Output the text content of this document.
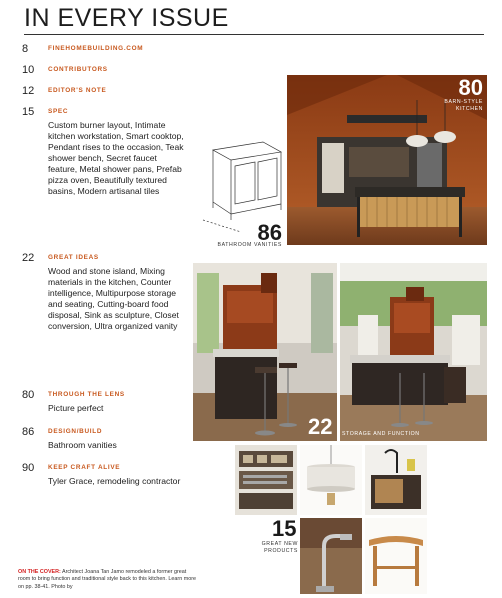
IN EVERY ISSUE
8	FINEHOMEBUILDING.COM
10	CONTRIBUTORS
12	EDITOR'S NOTE
15	SPEC
Custom burner layout, Intimate kitchen workstation, Smart cooktop, Pendant rises to the occasion, Teak shower bench, Secret faucet feature, Metal shower pans, Prefab pizza oven, Beautifully textured basins, Modern artisanal tiles
22	GREAT IDEAS
Wood and stone island, Mixing materials in the kitchen, Counter intelligence, Multipurpose storage and seating, Cutting-board food disposal, Sink as sculpture, Closet conversion, Ultra organized vanity
80	THROUGH THE LENS
Picture perfect
86	DESIGN/BUILD
Bathroom vanities
90	KEEP CRAFT ALIVE
Tyler Grace, remodeling contractor
80
BARN-STYLE KITCHEN
86
BATHROOM VANITIES
STORAGE AND FUNCTION
22
15
GREAT NEW PRODUCTS
ON THE COVER: Architect Joana Tan Jamo remodeled a former great room to bring function and traditional style back to this kitchen. Learn more on pp. 38-41. Photo by
